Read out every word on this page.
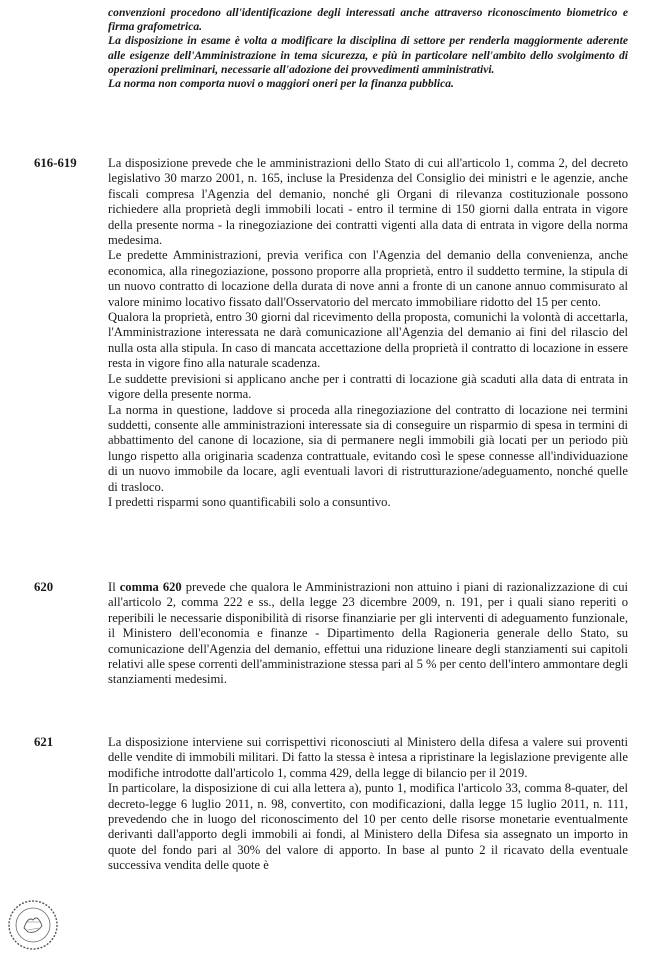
convenzioni procedono all'identificazione degli interessati anche attraverso riconoscimento biometrico e firma grafometrica.

La disposizione in esame è volta a modificare la disciplina di settore per renderla maggiormente aderente alle esigenze dell'Amministrazione in tema sicurezza, e più in particolare nell'ambito dello svolgimento di operazioni preliminari, necessarie all'adozione dei provvedimenti amministrativi.

La norma non comporta nuovi o maggiori oneri per la finanza pubblica.

616-619 La disposizione prevede che le amministrazioni dello Stato di cui all'articolo 1, comma 2, del decreto legislativo 30 marzo 2001, n. 165, incluse la Presidenza del Consiglio dei ministri e le agenzie, anche fiscali compresa l'Agenzia del demanio, nonché gli Organi di rilevanza costituzionale possono richiedere alla proprietà degli immobili locati - entro il termine di 150 giorni dalla entrata in vigore della presente norma - la rinegoziazione dei contratti vigenti alla data di entrata in vigore della norma medesima.

Le predette Amministrazioni, previa verifica con l'Agenzia del demanio della convenienza, anche economica, alla rinegoziazione, possono proporre alla proprietà, entro il suddetto termine, la stipula di un nuovo contratto di locazione della durata di nove anni a fronte di un canone annuo commisurato al valore minimo locativo fissato dall'Osservatorio del mercato immobiliare ridotto del 15 per cento.

Qualora la proprietà, entro 30 giorni dal ricevimento della proposta, comunichi la volontà di accettarla, l'Amministrazione interessata ne darà comunicazione all'Agenzia del demanio ai fini del rilascio del nulla osta alla stipula. In caso di mancata accettazione della proprietà il contratto di locazione in essere resta in vigore fino alla naturale scadenza.

Le suddette previsioni si applicano anche per i contratti di locazione già scaduti alla data di entrata in vigore della presente norma.

La norma in questione, laddove si proceda alla rinegoziazione del contratto di locazione nei termini suddetti, consente alle amministrazioni interessate sia di conseguire un risparmio di spesa in termini di abbattimento del canone di locazione, sia di permanere negli immobili già locati per un periodo più lungo rispetto alla originaria scadenza contrattuale, evitando così le spese connesse all'individuazione di un nuovo immobile da locare, agli eventuali lavori di ristrutturazione/adeguamento, nonché quelle di trasloco.

I predetti risparmi sono quantificabili solo a consuntivo.

620	Il comma 620 prevede che qualora le Amministrazioni non attuino i piani di razionalizzazione di cui all'articolo 2, comma 222 e ss., della legge 23 dicembre 2009, n. 191, per i quali siano reperiti o reperibili le necessarie disponibilità di risorse finanziarie per gli interventi di adeguamento funzionale, il Ministero dell'economia e finanze - Dipartimento della Ragioneria generale dello Stato, su comunicazione dell'Agenzia del demanio, effettui una riduzione lineare degli stanziamenti sui capitoli relativi alle spese correnti dell'amministrazione stessa pari al 5 % per cento dell'intero ammontare degli stanziamenti medesimi.

621	La disposizione interviene sui corrispettivi riconosciuti al Ministero della difesa a valere sui proventi delle vendite di immobili militari. Di fatto la stessa è intesa a ripristinare la legislazione previgente alle modifiche introdotte dall'articolo 1, comma 429, della legge di bilancio per il 2019.

In particolare, la disposizione di cui alla lettera a), punto 1, modifica l'articolo 33, comma 8-quater, del decreto-legge 6 luglio 2011, n. 98, convertito, con modificazioni, dalla legge 15 luglio 2011, n. 111, prevedendo che in luogo del riconoscimento del 10 per cento delle risorse monetarie eventualmente derivanti dall'apporto degli immobili ai fondi, al Ministero della Difesa sia assegnato un importo in quote del fondo pari al 30% del valore di apporto. In base al punto 2 il ricavato della eventuale successiva vendita delle quote è
